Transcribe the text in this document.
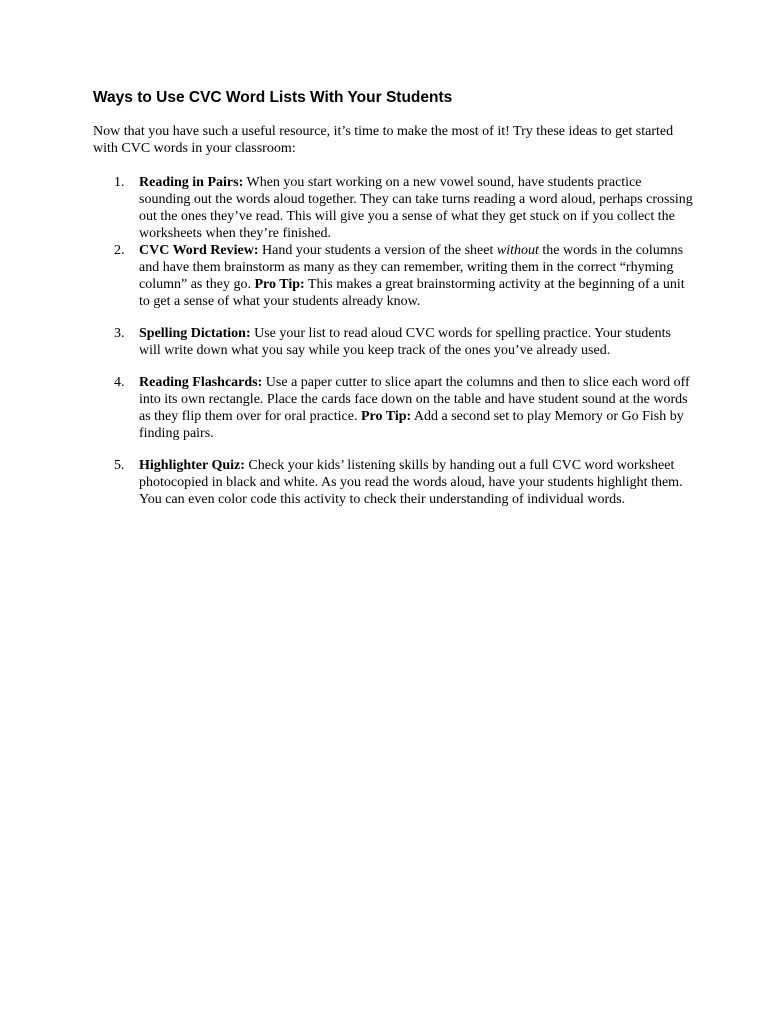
Ways to Use CVC Word Lists With Your Students

Now that you have such a useful resource, it’s time to make the most of it! Try these ideas to get started with CVC words in your classroom:

1. Reading in Pairs: When you start working on a new vowel sound, have students practice sounding out the words aloud together. They can take turns reading a word aloud, perhaps crossing out the ones they’ve read. This will give you a sense of what they get stuck on if you collect the worksheets when they’re finished.
2. CVC Word Review: Hand your students a version of the sheet without the words in the columns and have them brainstorm as many as they can remember, writing them in the correct “rhyming column” as they go. Pro Tip: This makes a great brainstorming activity at the beginning of a unit to get a sense of what your students already know.
3. Spelling Dictation: Use your list to read aloud CVC words for spelling practice. Your students will write down what you say while you keep track of the ones you’ve already used.
4. Reading Flashcards: Use a paper cutter to slice apart the columns and then to slice each word off into its own rectangle. Place the cards face down on the table and have student sound at the words as they flip them over for oral practice. Pro Tip: Add a second set to play Memory or Go Fish by finding pairs.
5. Highlighter Quiz: Check your kids’ listening skills by handing out a full CVC word worksheet photocopied in black and white. As you read the words aloud, have your students highlight them. You can even color code this activity to check their understanding of individual words.
